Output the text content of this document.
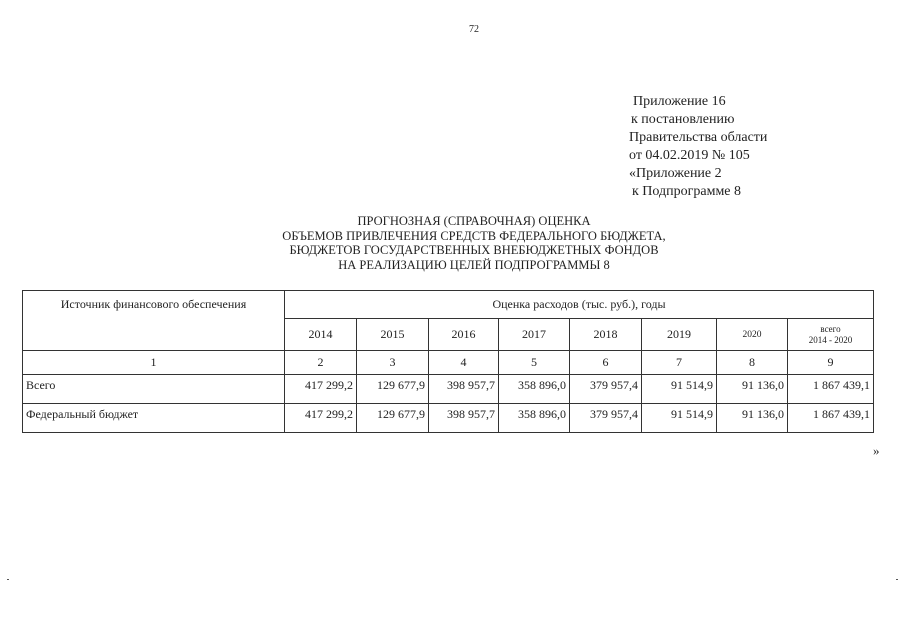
72
Приложение 16
к постановлению
Правительства области
от 04.02.2019 № 105
«Приложение 2
к Подпрограмме 8
ПРОГНОЗНАЯ (СПРАВОЧНАЯ) ОЦЕНКА
ОБЪЕМОВ ПРИВЛЕЧЕНИЯ СРЕДСТВ ФЕДЕРАЛЬНОГО БЮДЖЕТА,
БЮДЖЕТОВ ГОСУДАРСТВЕННЫХ ВНЕБЮДЖЕТНЫХ ФОНДОВ
НА РЕАЛИЗАЦИЮ ЦЕЛЕЙ ПОДПРОГРАММЫ 8
Источник финансового обеспечения	Оценка расходов (тыс. руб.), годы							
	2014	2015	2016	2017	2018	2019	2020	всего
2014 - 2020

1	2	3	4	5	6	7	8	9
Всего	417 299,2	129 677,9	398 957,7	358 896,0	379 957,4	91 514,9	91 136,0	1 867 439,1
Федеральный бюджет	417 299,2	129 677,9	398 957,7	358 896,0	379 957,4	91 514,9	91 136,0	1 867 439,1
»
